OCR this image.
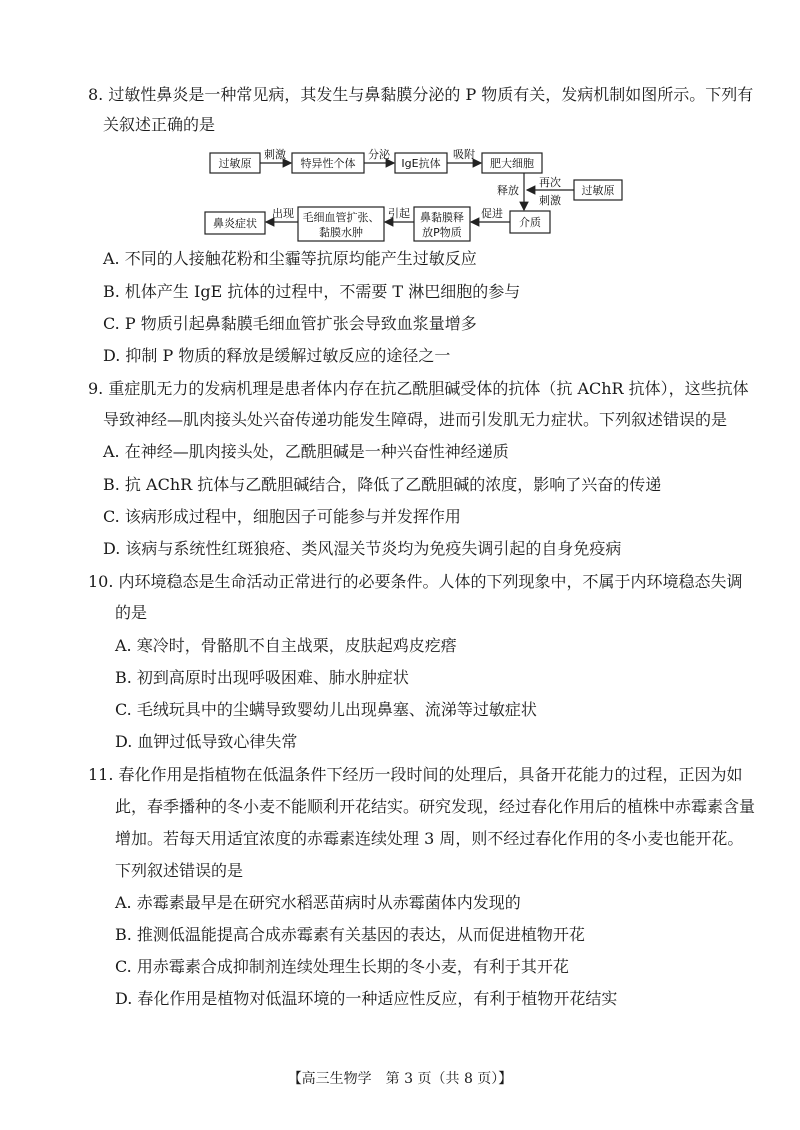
8. 过敏性鼻炎是一种常见病，其发生与鼻黏膜分泌的 P 物质有关，发病机制如图所示。下列有
关叙述正确的是
过敏原
刺激
特异性个体
分泌
IgE抗体
吸附
肥大细胞
释放	过敏原
再次
刺激
介质
促进
鼻黏膜释
放P物质
引起
毛细血管扩张、
黏膜水肿
出现
鼻炎症状
A. 不同的人接触花粉和尘霾等抗原均能产生过敏反应
B. 机体产生 IgE 抗体的过程中，不需要 T 淋巴细胞的参与
C. P 物质引起鼻黏膜毛细血管扩张会导致血浆量增多
D. 抑制 P 物质的释放是缓解过敏反应的途径之一
9. 重症肌无力的发病机理是患者体内存在抗乙酰胆碱受体的抗体（抗 AChR 抗体），这些抗体
导致神经—肌肉接头处兴奋传递功能发生障碍，进而引发肌无力症状。下列叙述错误的是
A. 在神经—肌肉接头处，乙酰胆碱是一种兴奋性神经递质
B. 抗 AChR 抗体与乙酰胆碱结合，降低了乙酰胆碱的浓度，影响了兴奋的传递
C. 该病形成过程中，细胞因子可能参与并发挥作用
D. 该病与系统性红斑狼疮、类风湿关节炎均为免疫失调引起的自身免疫病
10. 内环境稳态是生命活动正常进行的必要条件。人体的下列现象中，不属于内环境稳态失调
的是
A. 寒冷时，骨骼肌不自主战栗，皮肤起鸡皮疙瘩
B. 初到高原时出现呼吸困难、肺水肿症状
C. 毛绒玩具中的尘螨导致婴幼儿出现鼻塞、流涕等过敏症状
D. 血钾过低导致心律失常
11. 春化作用是指植物在低温条件下经历一段时间的处理后，具备开花能力的过程，正因为如
此，春季播种的冬小麦不能顺利开花结实。研究发现，经过春化作用后的植株中赤霉素含量
增加。若每天用适宜浓度的赤霉素连续处理 3 周，则不经过春化作用的冬小麦也能开花。
下列叙述错误的是
A. 赤霉素最早是在研究水稻恶苗病时从赤霉菌体内发现的
B. 推测低温能提高合成赤霉素有关基因的表达，从而促进植物开花
C. 用赤霉素合成抑制剂连续处理生长期的冬小麦，有利于其开花
D. 春化作用是植物对低温环境的一种适应性反应，有利于植物开花结实
【高三生物学　第 3 页（共 8 页）】
